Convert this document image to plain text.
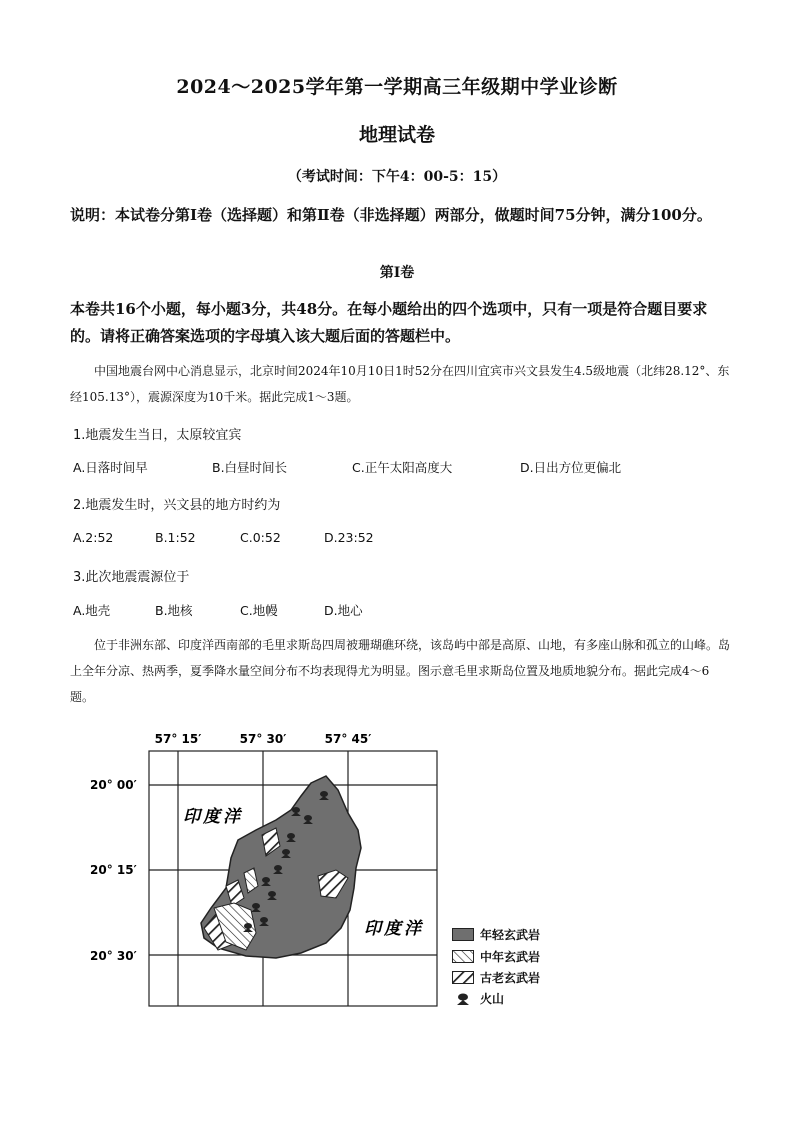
2024～2025学年第一学期高三年级期中学业诊断
地理试卷
（考试时间：下午4：00-5：15）
说明：本试卷分第Ⅰ卷（选择题）和第Ⅱ卷（非选择题）两部分，做题时间75分钟，满分100分。
第Ⅰ卷
本卷共16个小题，每小题3分，共48分。在每小题给出的四个选项中，只有一项是符合题目要求的。请将正确答案选项的字母填入该大题后面的答题栏中。
中国地震台网中心消息显示，北京时间2024年10月10日1时52分在四川宜宾市兴文县发生4.5级地震（北纬28.12°、东经105.13°），震源深度为10千米。据此完成1～3题。
1.地震发生当日，太原较宜宾
A.日落时间早	B.白昼时间长	C.正午太阳高度大	D.日出方位更偏北
2.地震发生时，兴文县的地方时约为
A.2:52	B.1:52	C.0:52	D.23:52
3.此次地震震源位于
A.地壳	B.地核	C.地幔	D.地心
位于非洲东部、印度洋西南部的毛里求斯岛四周被珊瑚礁环绕，该岛屿中部是高原、山地，有多座山脉和孤立的山峰。岛上全年分凉、热两季，夏季降水量空间分布不均表现得尤为明显。图示意毛里求斯岛位置及地质地貌分布。据此完成4～6题。
57° 15′	57° 30′	57° 45′
20° 00′
20° 15′
20° 30′
印度洋
印度洋	年轻玄武岩
中年玄武岩
古老玄武岩
火山
